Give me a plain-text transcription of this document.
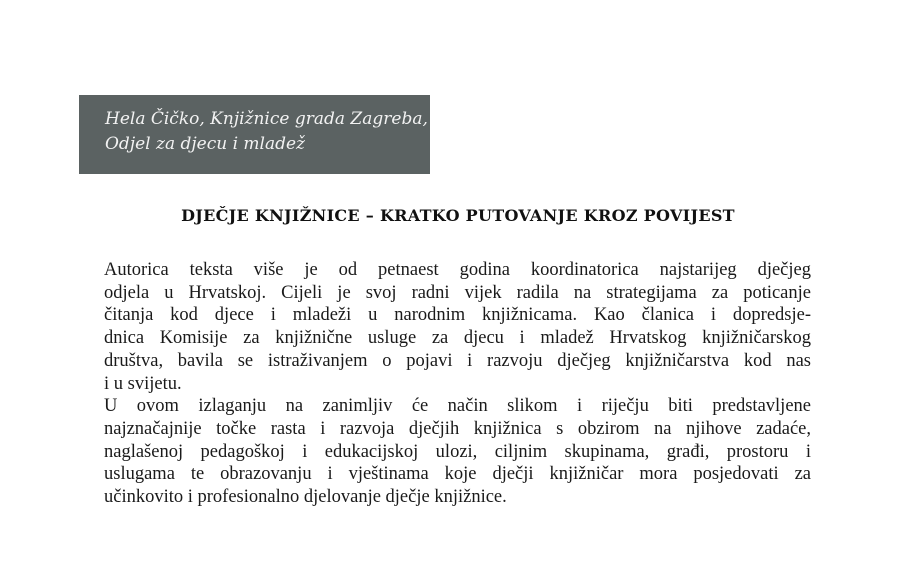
Hela Čičko, Knjižnice grada Zagreba,
Odjel za djecu i mladež
DJEČJE KNJIŽNICE – KRATKO PUTOVANJE KROZ POVIJEST
Autorica teksta više je od petnaest godina koordinatorica najstarijeg dječjeg
odjela u Hrvatskoj. Cijeli je svoj radni vijek radila na strategijama za poticanje
čitanja kod djece i mladeži u narodnim knjižnicama. Kao članica i dopredsje-
dnica Komisije za knjižnične usluge za djecu i mladež Hrvatskog knjižničarskog
društva, bavila se istraživanjem o pojavi i razvoju dječjeg knjižničarstva kod nas
i u svijetu.
U ovom izlaganju na zanimljiv će način slikom i riječju biti predstavljene
najznačajnije točke rasta i razvoja dječjih knjižnica s obzirom na njihove zadaće,
naglašenoj pedagoškoj i edukacijskoj ulozi, ciljnim skupinama, građi, prostoru i
uslugama te obrazovanju i vještinama koje dječji knjižničar mora posjedovati za
učinkovito i profesionalno djelovanje dječje knjižnice.
